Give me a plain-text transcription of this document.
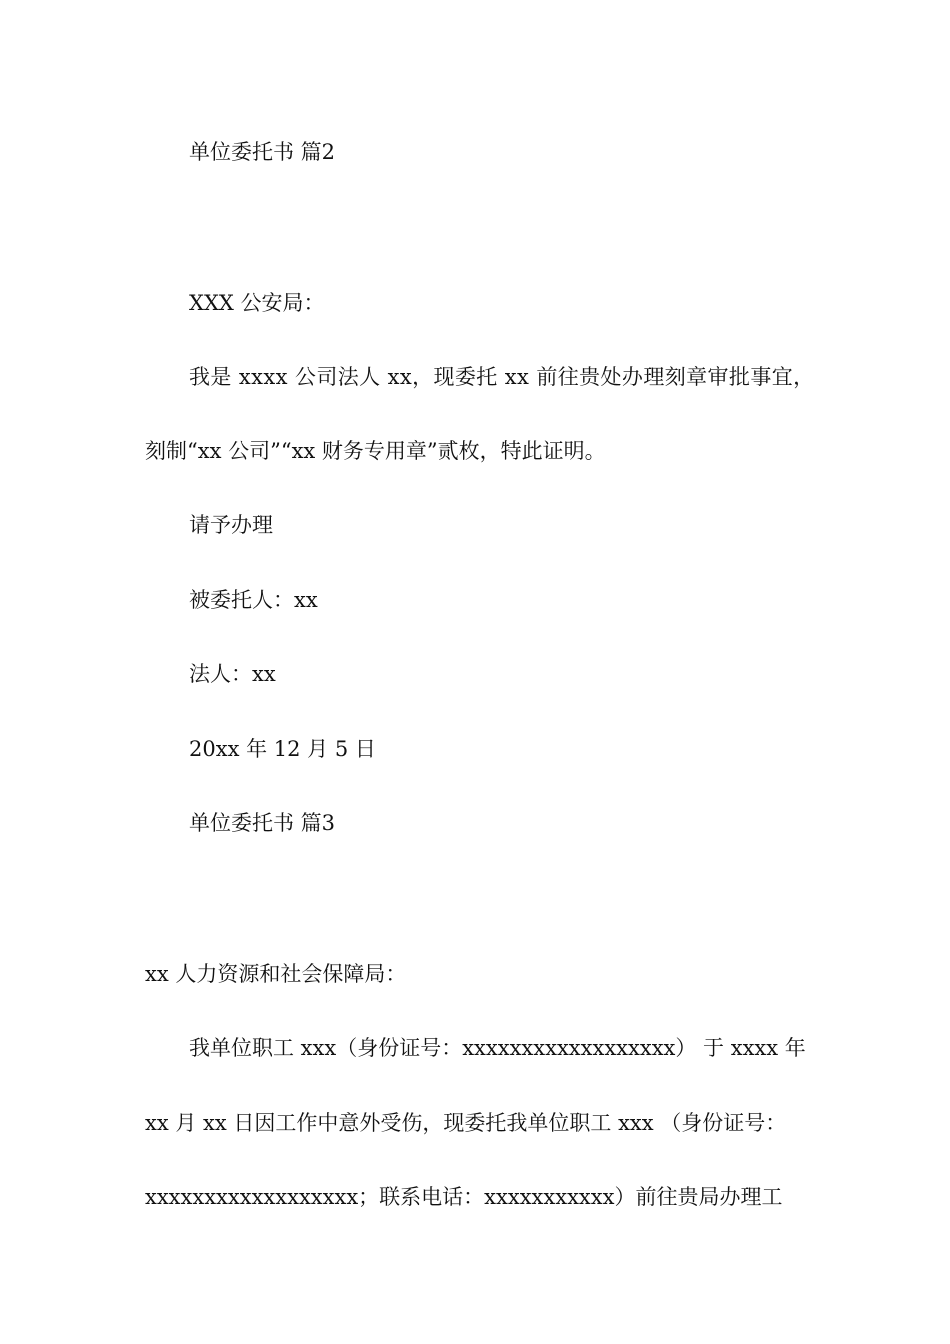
单位委托书 篇2
XXX 公安局：
我是 xxxx 公司法人 xx，现委托 xx 前往贵处办理刻章审批事宜，
刻制“xx 公司”“xx 财务专用章”贰枚，特此证明。
请予办理
被委托人：xx
法人：xx
20xx 年 12 月 5 日
单位委托书 篇3
xx 人力资源和社会保障局：
我单位职工 xxx（身份证号：xxxxxxxxxxxxxxxxxx） 于 xxxx 年
xx 月 xx 日因工作中意外受伤，现委托我单位职工 xxx （身份证号：
xxxxxxxxxxxxxxxxxx；联系电话：xxxxxxxxxxx）前往贵局办理工
